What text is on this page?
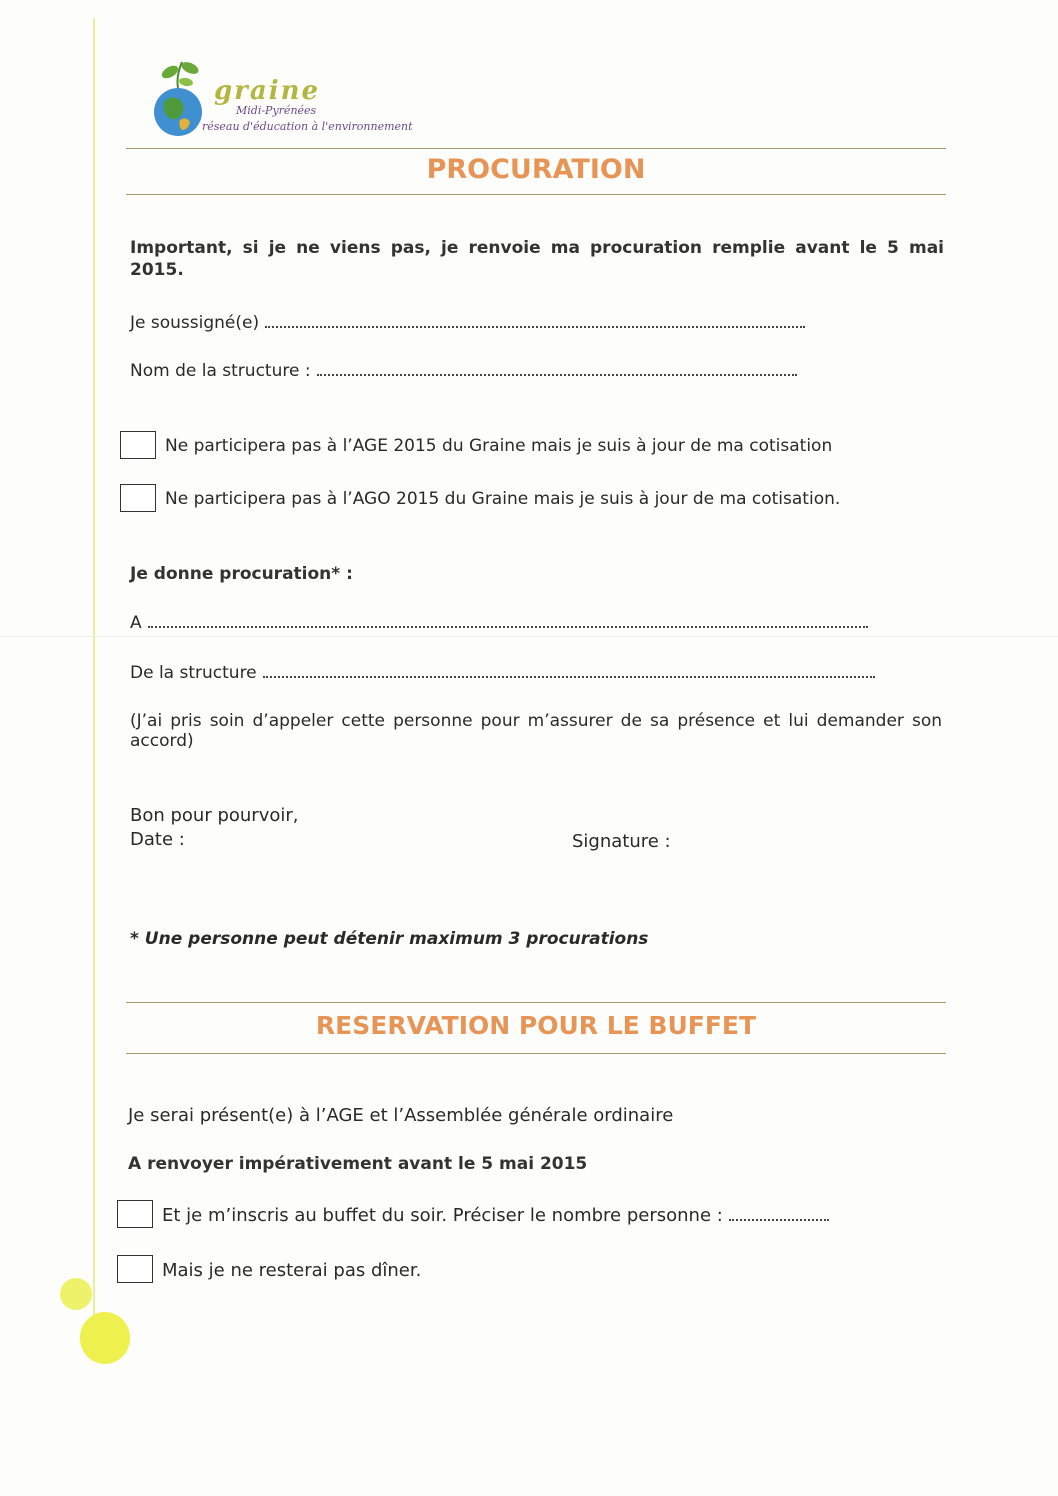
graine
Midi-Pyrénées
réseau d'éducation à l'environnement
PROCURATION
Important, si je ne viens pas, je renvoie ma procuration remplie avant le 5 mai
2015.
Je soussigné(e)
Nom de la structure :
Ne participera pas à l’AGE 2015 du Graine mais je suis à jour de ma cotisation
Ne participera pas à l’AGO 2015 du Graine mais je suis à jour de ma cotisation.
Je donne procuration* :
A
De la structure
(J’ai pris soin d’appeler cette personne pour m’assurer de sa présence et lui demander son
accord)
Bon pour pourvoir,
Date :	Signature :
* Une personne peut détenir maximum 3 procurations
RESERVATION POUR LE BUFFET
Je serai présent(e) à l’AGE et l’Assemblée générale ordinaire
A renvoyer impérativement avant le 5 mai 2015
Et je m’inscris au buffet du soir. Préciser le nombre personne :
Mais je ne resterai pas dîner.
